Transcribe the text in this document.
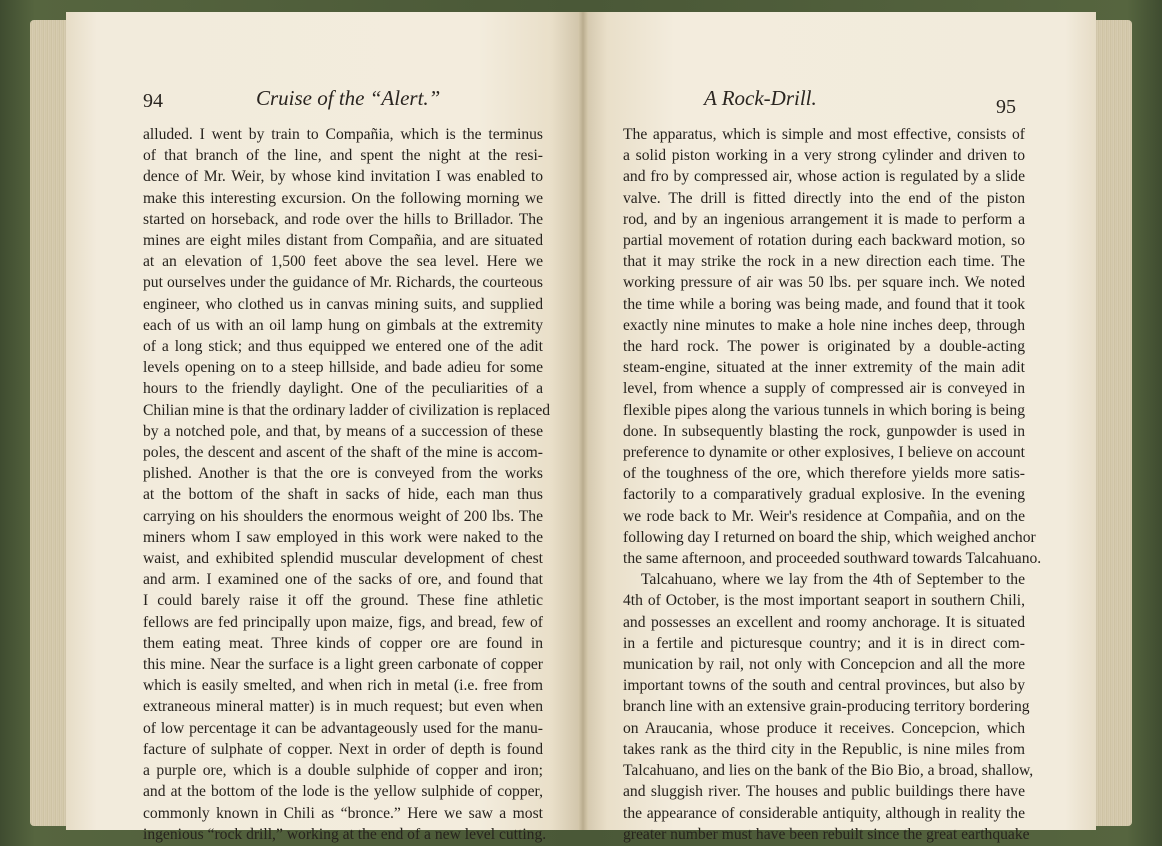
94	Cruise of the “Alert.”	A Rock-Drill.	95
alluded. I went by train to Compañia, which is the terminus
of that branch of the line, and spent the night at the resi-
dence of Mr. Weir, by whose kind invitation I was enabled to
make this interesting excursion. On the following morning we
started on horseback, and rode over the hills to Brillador. The
mines are eight miles distant from Compañia, and are situated
at an elevation of 1,500 feet above the sea level. Here we
put ourselves under the guidance of Mr. Richards, the courteous
engineer, who clothed us in canvas mining suits, and supplied
each of us with an oil lamp hung on gimbals at the extremity
of a long stick; and thus equipped we entered one of the adit
levels opening on to a steep hillside, and bade adieu for some
hours to the friendly daylight. One of the peculiarities of a
Chilian mine is that the ordinary ladder of civilization is replaced
by a notched pole, and that, by means of a succession of these
poles, the descent and ascent of the shaft of the mine is accom-
plished. Another is that the ore is conveyed from the works
at the bottom of the shaft in sacks of hide, each man thus
carrying on his shoulders the enormous weight of 200 lbs. The
miners whom I saw employed in this work were naked to the
waist, and exhibited splendid muscular development of chest
and arm. I examined one of the sacks of ore, and found that
I could barely raise it off the ground. These fine athletic
fellows are fed principally upon maize, figs, and bread, few of
them eating meat. Three kinds of copper ore are found in
this mine. Near the surface is a light green carbonate of copper
which is easily smelted, and when rich in metal (i.e. free from
extraneous mineral matter) is in much request; but even when
of low percentage it can be advantageously used for the manu-
facture of sulphate of copper. Next in order of depth is found
a purple ore, which is a double sulphide of copper and iron;
and at the bottom of the lode is the yellow sulphide of copper,
commonly known in Chili as “bronce.” Here we saw a most
ingenious “rock drill,” working at the end of a new level cutting.
The apparatus, which is simple and most effective, consists of
a solid piston working in a very strong cylinder and driven to
and fro by compressed air, whose action is regulated by a slide
valve. The drill is fitted directly into the end of the piston
rod, and by an ingenious arrangement it is made to perform a
partial movement of rotation during each backward motion, so
that it may strike the rock in a new direction each time. The
working pressure of air was 50 lbs. per square inch. We noted
the time while a boring was being made, and found that it took
exactly nine minutes to make a hole nine inches deep, through
the hard rock. The power is originated by a double-acting
steam-engine, situated at the inner extremity of the main adit
level, from whence a supply of compressed air is conveyed in
flexible pipes along the various tunnels in which boring is being
done. In subsequently blasting the rock, gunpowder is used in
preference to dynamite or other explosives, I believe on account
of the toughness of the ore, which therefore yields more satis-
factorily to a comparatively gradual explosive. In the evening
we rode back to Mr. Weir's residence at Compañia, and on the
following day I returned on board the ship, which weighed anchor
the same afternoon, and proceeded southward towards Talcahuano.
Talcahuano, where we lay from the 4th of September to the
4th of October, is the most important seaport in southern Chili,
and possesses an excellent and roomy anchorage. It is situated
in a fertile and picturesque country; and it is in direct com-
munication by rail, not only with Concepcion and all the more
important towns of the south and central provinces, but also by
branch line with an extensive grain-producing territory bordering
on Araucania, whose produce it receives. Concepcion, which
takes rank as the third city in the Republic, is nine miles from
Talcahuano, and lies on the bank of the Bio Bio, a broad, shallow,
and sluggish river. The houses and public buildings there have
the appearance of considerable antiquity, although in reality the
greater number must have been rebuilt since the great earthquake
